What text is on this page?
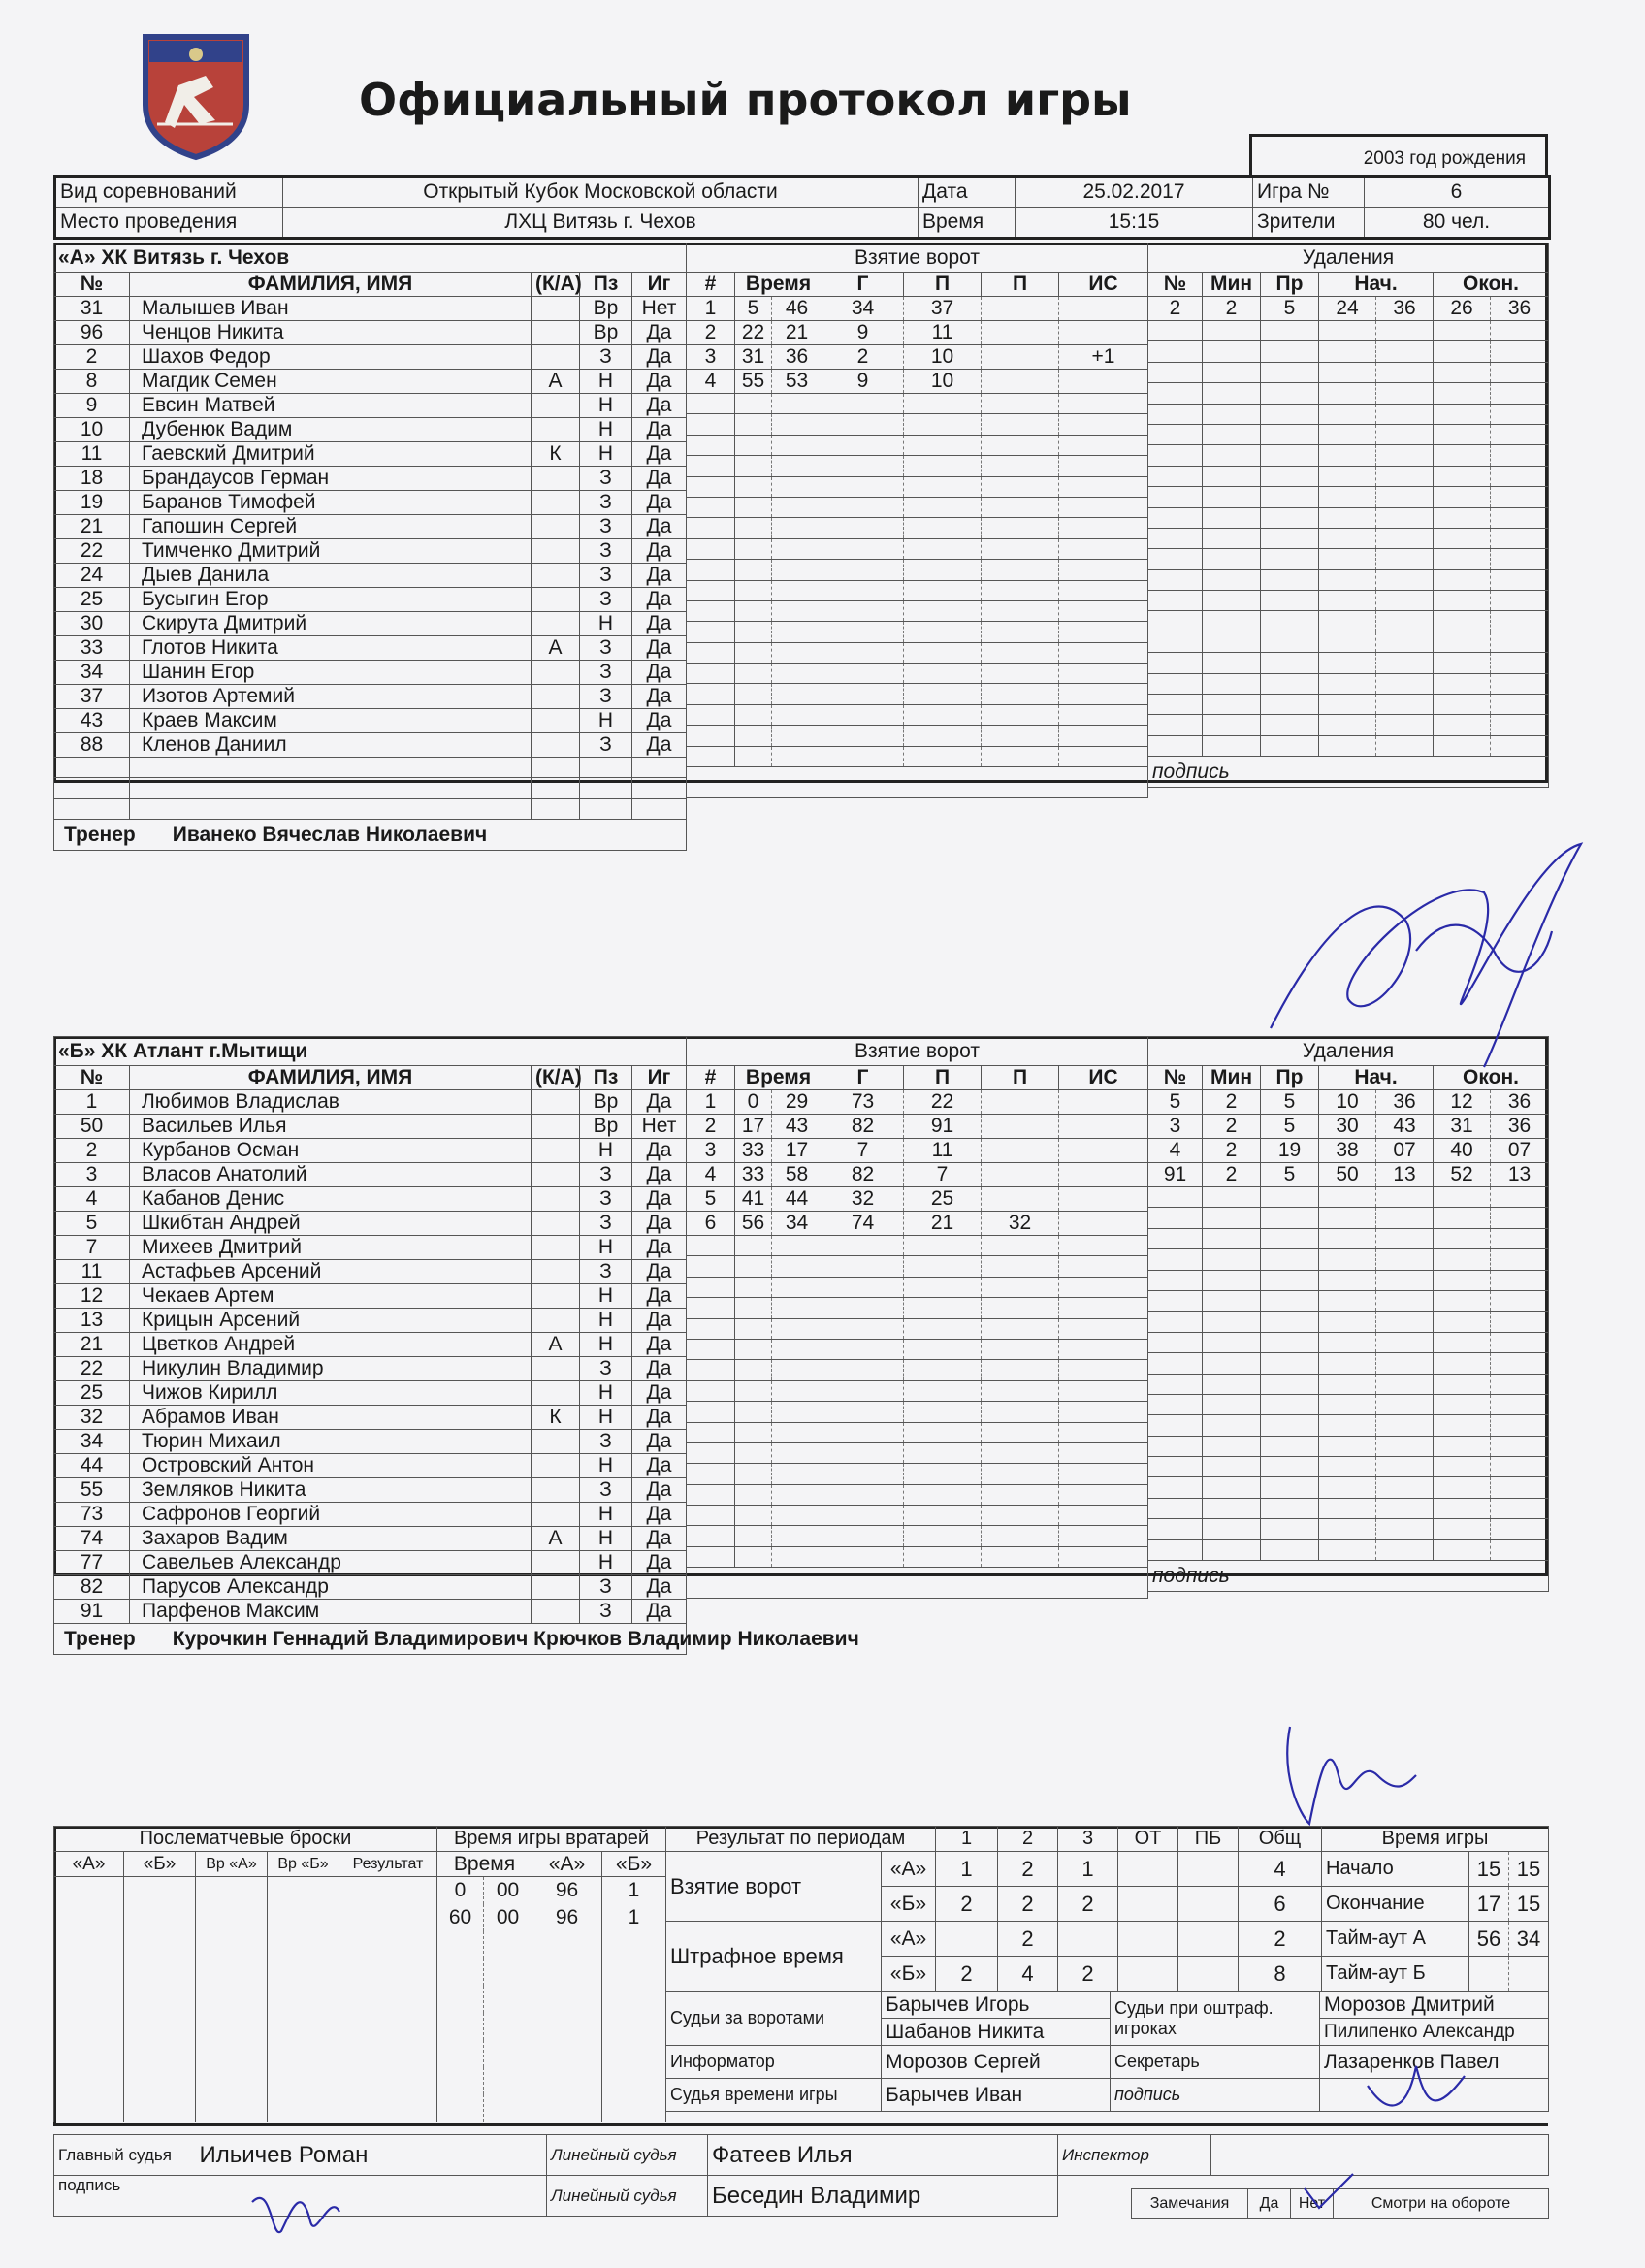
Официальный протокол игры
2003 год рождения
Вид соревнований	Открытый Кубок Московской области	Дата	25.02.2017	Игра №	6
Место проведения	ЛХЦ Витязь г. Чехов	Время	15:15	Зрители	80 чел.
«А» ХК Витязь г. Чехов				
№	ФАМИЛИЯ, ИМЯ	(К/А)	Пз	Иг
31	Малышев Иван		Вр	Нет
96	Ченцов Никита		Вр	Да
2	Шахов Федор		З	Да
8	Магдик Семен	А	Н	Да
9	Евсин Матвей		Н	Да
10	Дубенюк Вадим		Н	Да
11	Гаевский Дмитрий	К	Н	Да
18	Брандаусов Герман		З	Да
19	Баранов Тимофей		З	Да
21	Гапошин Сергей		З	Да
22	Тимченко Дмитрий		З	Да
24	Дыев Данила		З	Да
25	Бусыгин Егор		З	Да
30	Скирута Дмитрий		Н	Да
33	Глотов Никита	А	З	Да
34	Шанин Егор		З	Да
37	Изотов Артемий		З	Да
43	Краев Максим		Н	Да
88	Кленов Даниил		З	Да

Тренер Иванеко Вячеслав Николаевич				
Взятие ворот						
#	Время		Г	П	П	ИС
1	5	46	34	37		
2	22	21	9	11		
3	31	36	2	10		+1
4	55	53	9	10		

Удаления						
№	Мин	Пр	Нач.		Окон.	
2	2	5	24	36	26	36

подпись						
«Б» ХК Атлант г.Мытищи				
№	ФАМИЛИЯ, ИМЯ	(К/А)	Пз	Иг
1	Любимов Владислав		Вр	Да
50	Васильев Илья		Вр	Нет
2	Курбанов Осман		Н	Да
3	Власов Анатолий		З	Да
4	Кабанов Денис		З	Да
5	Шкибтан Андрей		З	Да
7	Михеев Дмитрий		Н	Да
11	Астафьев Арсений		З	Да
12	Чекаев Артем		Н	Да
13	Крицын Арсений		Н	Да
21	Цветков Андрей	А	Н	Да
22	Никулин Владимир		З	Да
25	Чижов Кирилл		Н	Да
32	Абрамов Иван	К	Н	Да
34	Тюрин Михаил		З	Да
44	Островский Антон		Н	Да
55	Земляков Никита		З	Да
73	Сафронов Георгий		Н	Да
74	Захаров Вадим	А	Н	Да
77	Савельев Александр		Н	Да
82	Парусов Александр		З	Да
91	Парфенов Максим		З	Да
Тренер Курочкин Геннадий Владимирович Крючков Владимир Николаевич				
Взятие ворот						
#	Время		Г	П	П	ИС
1	0	29	73	22		
2	17	43	82	91		
3	33	17	7	11		
4	33	58	82	7		
5	41	44	32	25		
6	56	34	74	21	32	

Удаления						
№	Мин	Пр	Нач.		Окон.	
5	2	5	10	36	12	36
3	2	5	30	43	31	36
4	2	19	38	07	40	07
91	2	5	50	13	52	13

подпись						
Послематчевые броски				
«А»	«Б»	Вр «А»	Вр «Б»	Результат

Время игры вратарей			
Время		«А»	«Б»
0	00	96	1
60	00	96	1

Результат по периодам		1	2	3	ОТ	ПБ	Общ
Взятие ворот	«А»	1	2	1			4
	«Б»	2	2	2			6
Штрафное время	«А»		2				2
	«Б»	2	4	2			8
Время игры		
Начало	15	15
Окончание	17	15
Тайм-аут А	56	34
Тайм-аут Б		
Судьи за воротами	Барычев Игорь	Судьи при оштраф. игроках	Морозов Дмитрий
	Шабанов Никита		Пилипенко Александр
Информатор	Морозов Сергей	Секретарь	Лазаренков Павел
Судья времени игры	Барычев Иван	подпись	
Главный судья	Ильичев Роман	Линейный судья	Фатеев Илья
подпись		Линейный судья	Беседин Владимир
Инспектор	
Замечания	Да	Нет	Смотри на обороте
